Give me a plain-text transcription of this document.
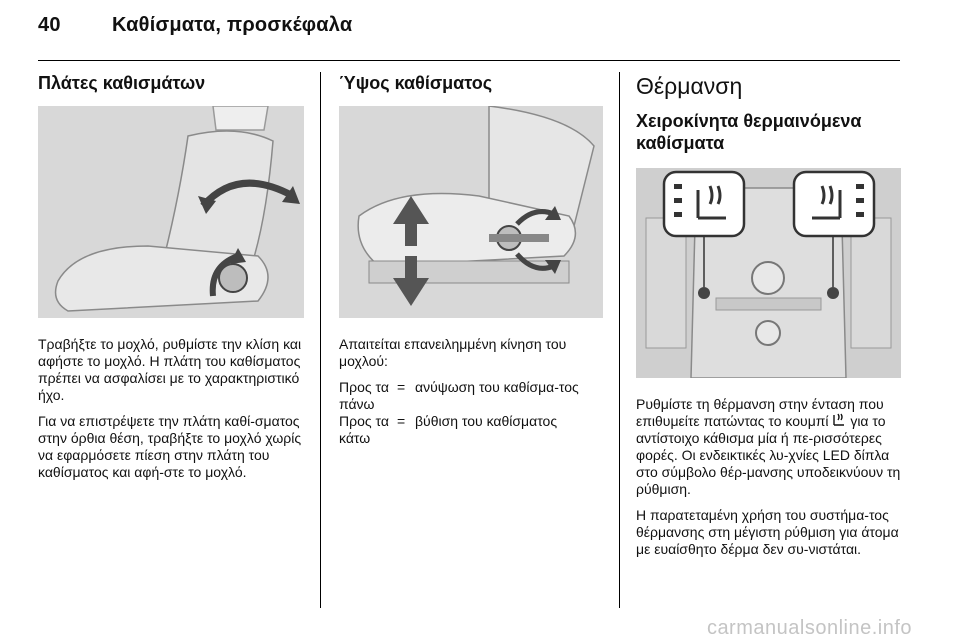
40	Καθίσματα, προσκέφαλα
Πλάτες καθισμάτων

Τραβήξτε το μοχλό, ρυθμίστε την κλίση και αφήστε το μοχλό. Η πλάτη του καθίσματος πρέπει να ασφαλίσει με το χαρακτηριστικό ήχο.

Για να επιστρέψετε την πλάτη καθί-σματος στην όρθια θέση, τραβήξτε το μοχλό χωρίς να εφαρμόσετε πίεση στην πλάτη του καθίσματος και αφή-στε το μοχλό.

Ύψος καθίσματος

Απαιτείται επανειλημμένη κίνηση του μοχλού:

Προς τα πάνω
= ανύψωση του καθίσμα-τος
Προς τα κάτω
= βύθιση του καθίσματος
Θέρμανση
Χειροκίνητα θερμαινόμενα καθίσματα

Ρυθμίστε τη θέρμανση στην ένταση που επιθυμείτε πατώντας το κουμπί για το αντίστοιχο κάθισμα μία ή πε-ρισσότερες φορές. Οι ενδεικτικές λυ-χνίες LED δίπλα στο σύμβολο θέρ-μανσης υποδεικνύουν τη ρύθμιση.

Η παρατεταμένη χρήση του συστήμα-τος θέρμανσης στη μέγιστη ρύθμιση για άτομα με ευαίσθητο δέρμα δεν συ-νιστάται.

carmanualsonline.info
